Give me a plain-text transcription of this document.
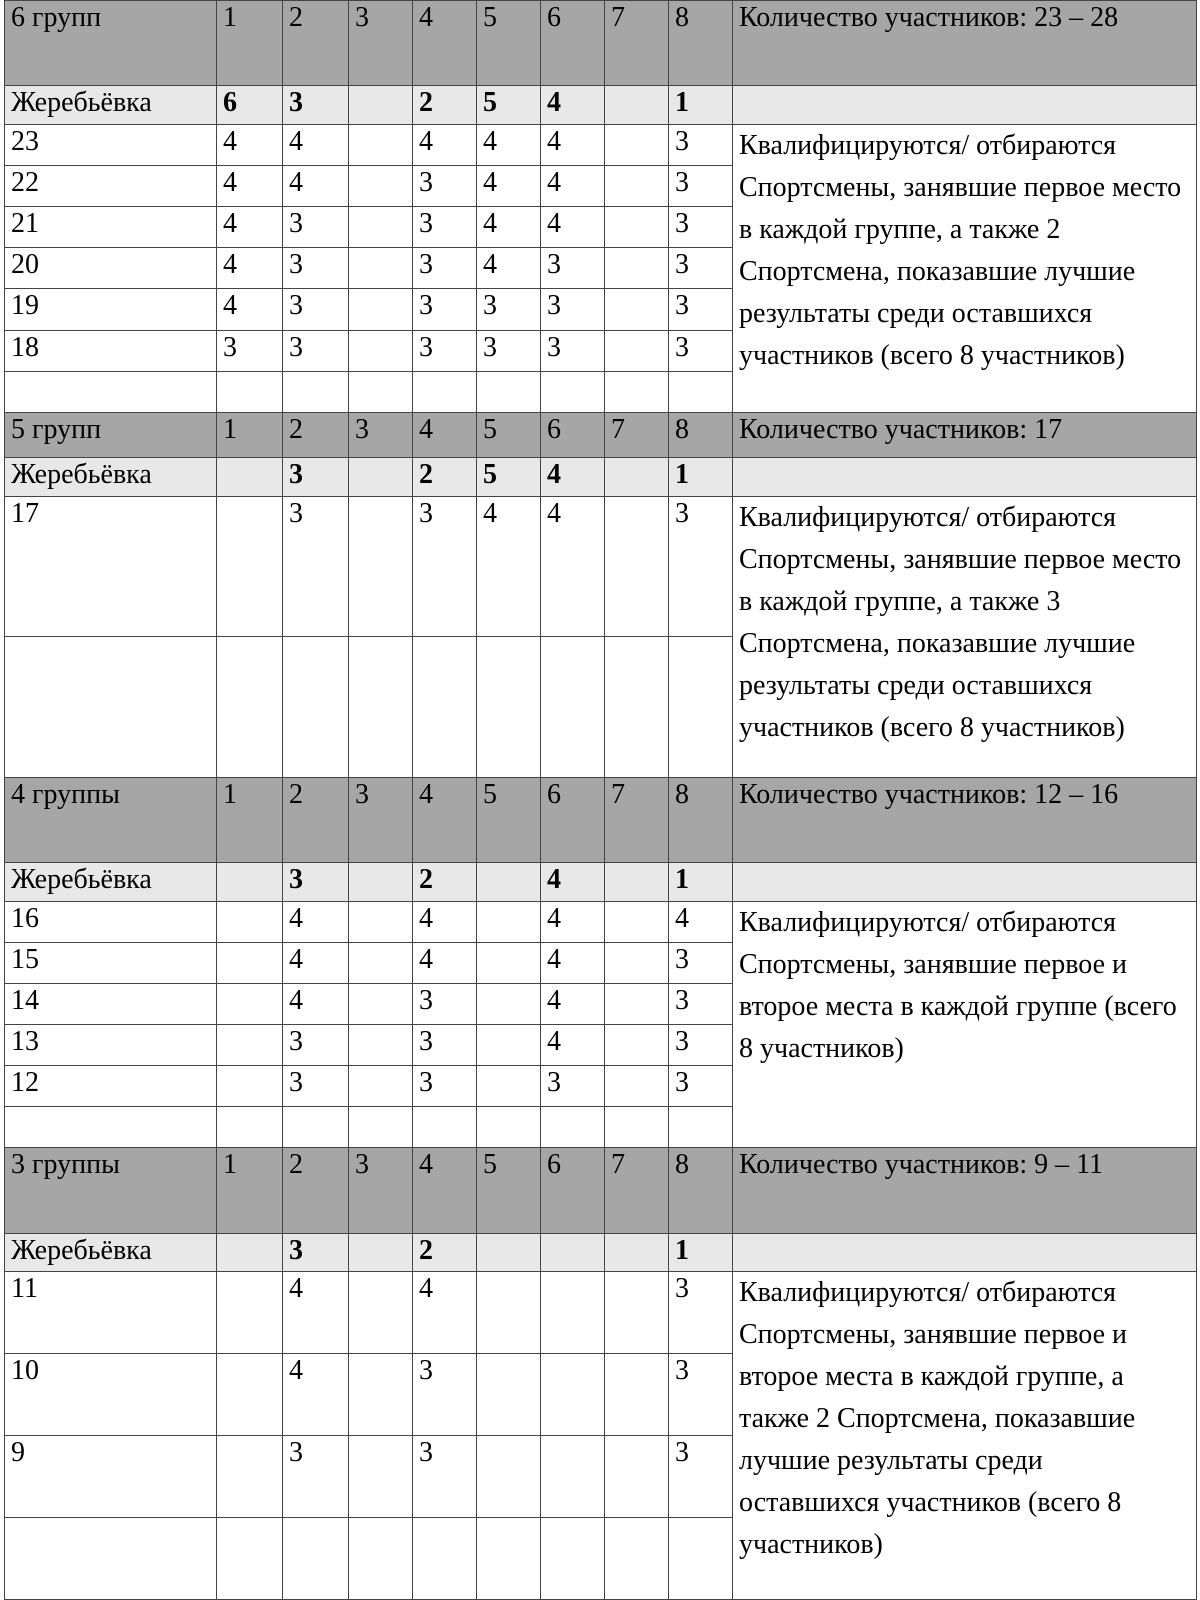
6 групп	1	2	3	4	5	6	7	8	Количество участников: 23 – 28
Жеребьёвка	6	3		2	5	4		1	
23	4	4		4	4	4		3	Квалифицируются/ отбираются Спортсмены, занявшие первое место в каждой группе, а также 2 Спортсмена, показавшие лучшие результаты среди оставшихся участников (всего 8 участников)
22	4	4		3	4	4		3	
21	4	3		3	4	4		3	
20	4	3		3	4	3		3	
19	4	3		3	3	3		3	
18	3	3		3	3	3		3	

5 групп	1	2	3	4	5	6	7	8	Количество участников: 17
Жеребьёвка		3		2	5	4		1	
17		3		3	4	4		3	Квалифицируются/ отбираются Спортсмены, занявшие первое место в каждой группе, а также 3 Спортсмена, показавшие лучшие результаты среди оставшихся участников (всего 8 участников)

4 группы	1	2	3	4	5	6	7	8	Количество участников: 12 – 16
Жеребьёвка		3		2		4		1	
16		4		4		4		4	Квалифицируются/ отбираются Спортсмены, занявшие первое и второе места в каждой группе (всего 8 участников)
15		4		4		4		3	
14		4		3		4		3	
13		3		3		4		3	
12		3		3		3		3	

3 группы	1	2	3	4	5	6	7	8	Количество участников: 9 – 11
Жеребьёвка		3		2				1	
11		4		4				3	Квалифицируются/ отбираются Спортсмены, занявшие первое и второе места в каждой группе, а также 2 Спортсмена, показавшие лучшие результаты среди оставшихся участников (всего 8 участников)
10		4		3				3	
9		3		3				3	
